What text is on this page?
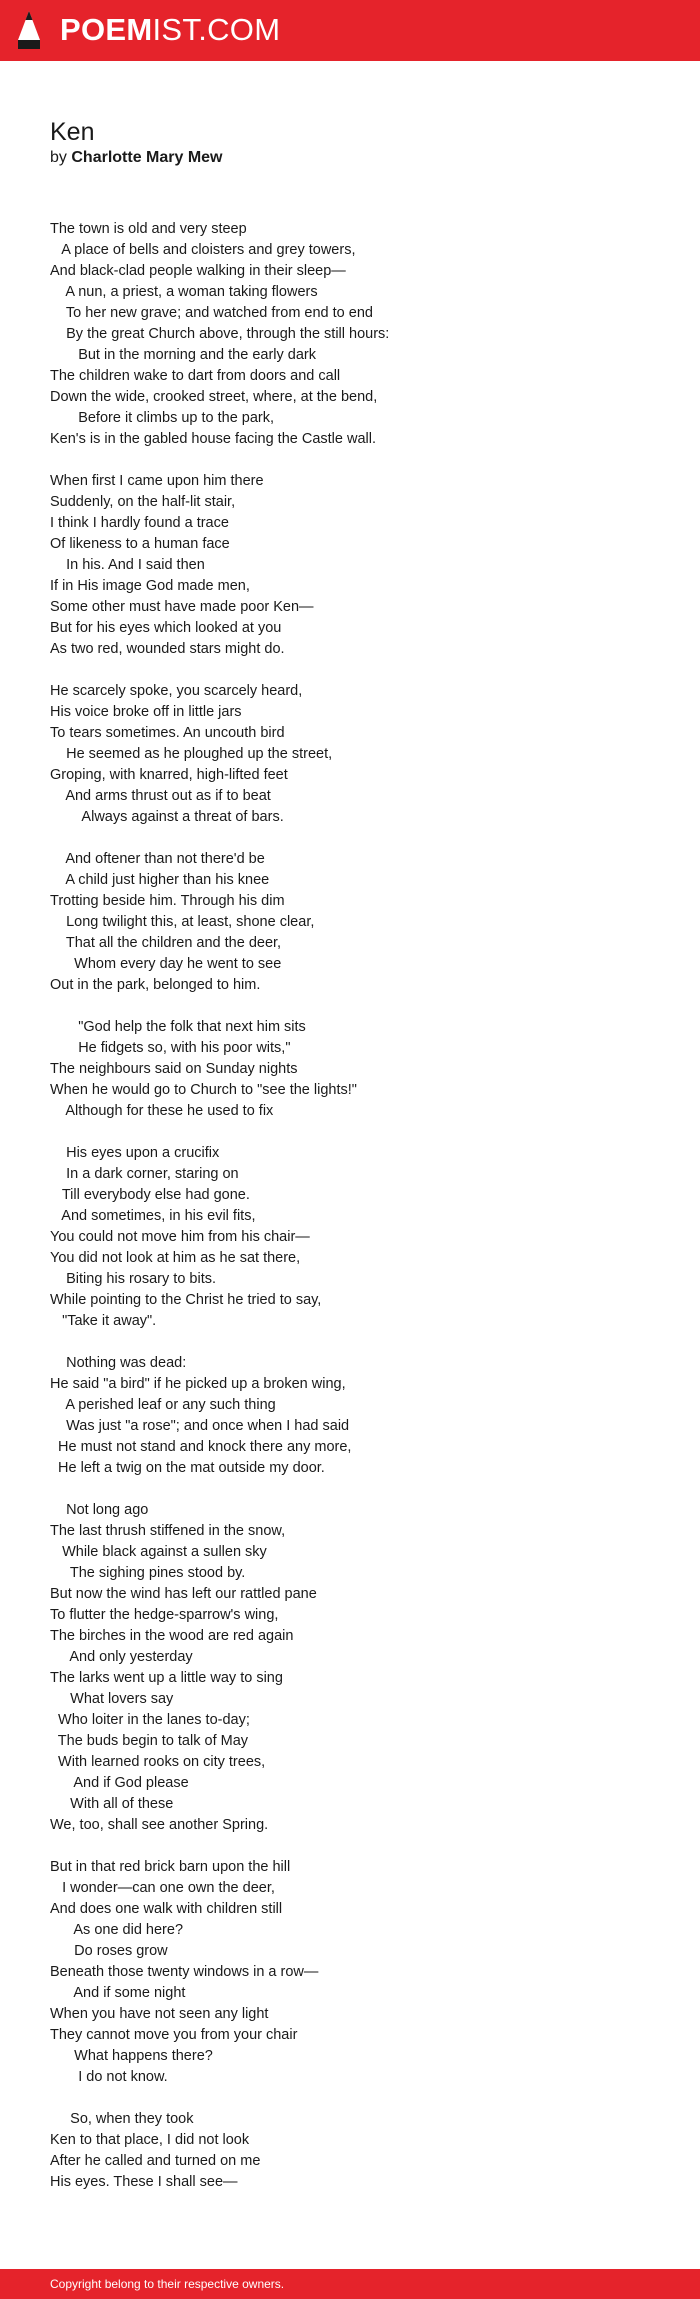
POEMIST.COM
Ken
by Charlotte Mary Mew
The town is old and very steep
A place of bells and cloisters and grey towers,
And black-clad people walking in their sleep—
A nun, a priest, a woman taking flowers
To her new grave; and watched from end to end
By the great Church above, through the still hours:
But in the morning and the early dark
The children wake to dart from doors and call
Down the wide, crooked street, where, at the bend,
Before it climbs up to the park,
Ken's is in the gabled house facing the Castle wall.
When first I came upon him there
Suddenly, on the half-lit stair,
I think I hardly found a trace
Of likeness to a human face
In his. And I said then
If in His image God made men,
Some other must have made poor Ken—
But for his eyes which looked at you
As two red, wounded stars might do.
He scarcely spoke, you scarcely heard,
His voice broke off in little jars
To tears sometimes. An uncouth bird
He seemed as he ploughed up the street,
Groping, with knarred, high-lifted feet
And arms thrust out as if to beat
Always against a threat of bars.
And oftener than not there'd be
A child just higher than his knee
Trotting beside him. Through his dim
Long twilight this, at least, shone clear,
That all the children and the deer,
Whom every day he went to see
Out in the park, belonged to him.
"God help the folk that next him sits
He fidgets so, with his poor wits,"
The neighbours said on Sunday nights
When he would go to Church to "see the lights!"
Although for these he used to fix
His eyes upon a crucifix
In a dark corner, staring on
Till everybody else had gone.
And sometimes, in his evil fits,
You could not move him from his chair—
You did not look at him as he sat there,
Biting his rosary to bits.
While pointing to the Christ he tried to say,
"Take it away".
Nothing was dead:
He said "a bird" if he picked up a broken wing,
A perished leaf or any such thing
Was just "a rose"; and once when I had said
He must not stand and knock there any more,
He left a twig on the mat outside my door.
Not long ago
The last thrush stiffened in the snow,
While black against a sullen sky
The sighing pines stood by.
But now the wind has left our rattled pane
To flutter the hedge-sparrow's wing,
The birches in the wood are red again
And only yesterday
The larks went up a little way to sing
What lovers say
Who loiter in the lanes to-day;
The buds begin to talk of May
With learned rooks on city trees,
And if God please
With all of these
We, too, shall see another Spring.
But in that red brick barn upon the hill
I wonder—can one own the deer,
And does one walk with children still
As one did here?
Do roses grow
Beneath those twenty windows in a row—
And if some night
When you have not seen any light
They cannot move you from your chair
What happens there?
I do not know.
So, when they took
Ken to that place, I did not look
After he called and turned on me
His eyes. These I shall see—
Copyright belong to their respective owners.
